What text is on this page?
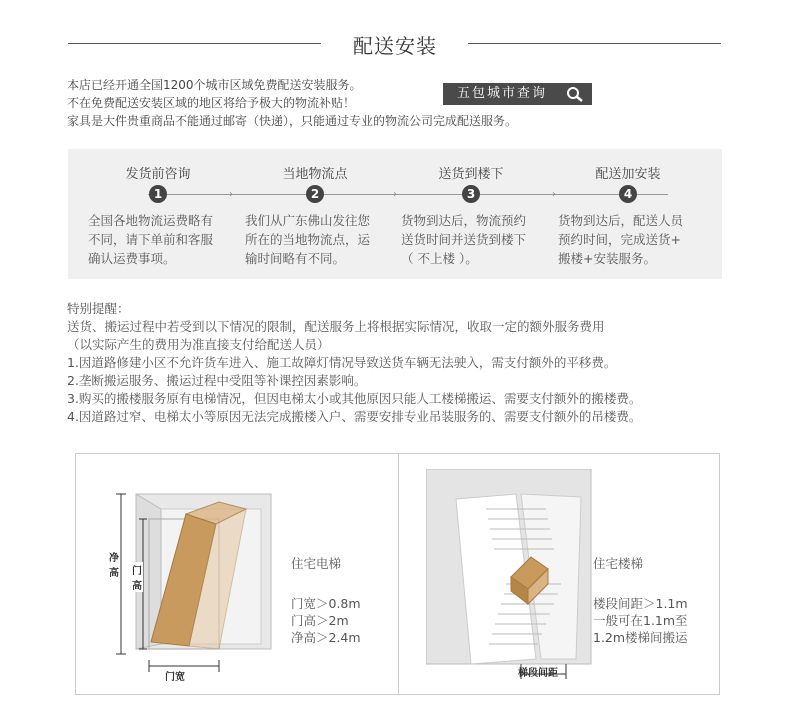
配送安装
本店已经开通全国1200个城市区域免费配送安装服务。
不在免费配送安装区域的地区将给予极大的物流补贴！
家具是大件贵重商品不能通过邮寄（快递），只能通过专业的物流公司完成配送服务。
五包城市查询
发货前咨询
1
全国各地物流运费略有
不同，请下单前和客服
确认运费事项。
›
当地物流点
2
我们从广东佛山发往您
所在的当地物流点，运
输时间略有不同。
›
送货到楼下
3
货物到达后，物流预约
送货时间并送货到楼下
（ 不上楼 ）。
›
配送加安装
4
货物到达后，配送人员
预约时间，完成送货+
搬楼+安装服务。
特别提醒：
送货、搬运过程中若受到以下情况的限制，配送服务上将根据实际情况，收取一定的额外服务费用
（以实际产生的费用为准直接支付给配送人员）
1.因道路修建小区不允许货车进入、施工故障灯情况导致送货车辆无法驶入，需支付额外的平移费。
2.垄断搬运服务、搬运过程中受阻等补课控因素影响。
3.购买的搬楼服务原有电梯情况，但因电梯太小或其他原因只能人工楼梯搬运、需要支付额外的搬楼费。
4.因道路过窄、电梯太小等原因无法完成搬楼入户、需要安排专业吊装服务的、需要支付额外的吊楼费。
净高 门高
门宽
住宅电梯
门宽＞0.8m
门高＞2m
净高＞2.4m
梯段间距
住宅楼梯
楼段间距＞1.1m
一般可在1.1m至
1.2m楼梯间搬运
